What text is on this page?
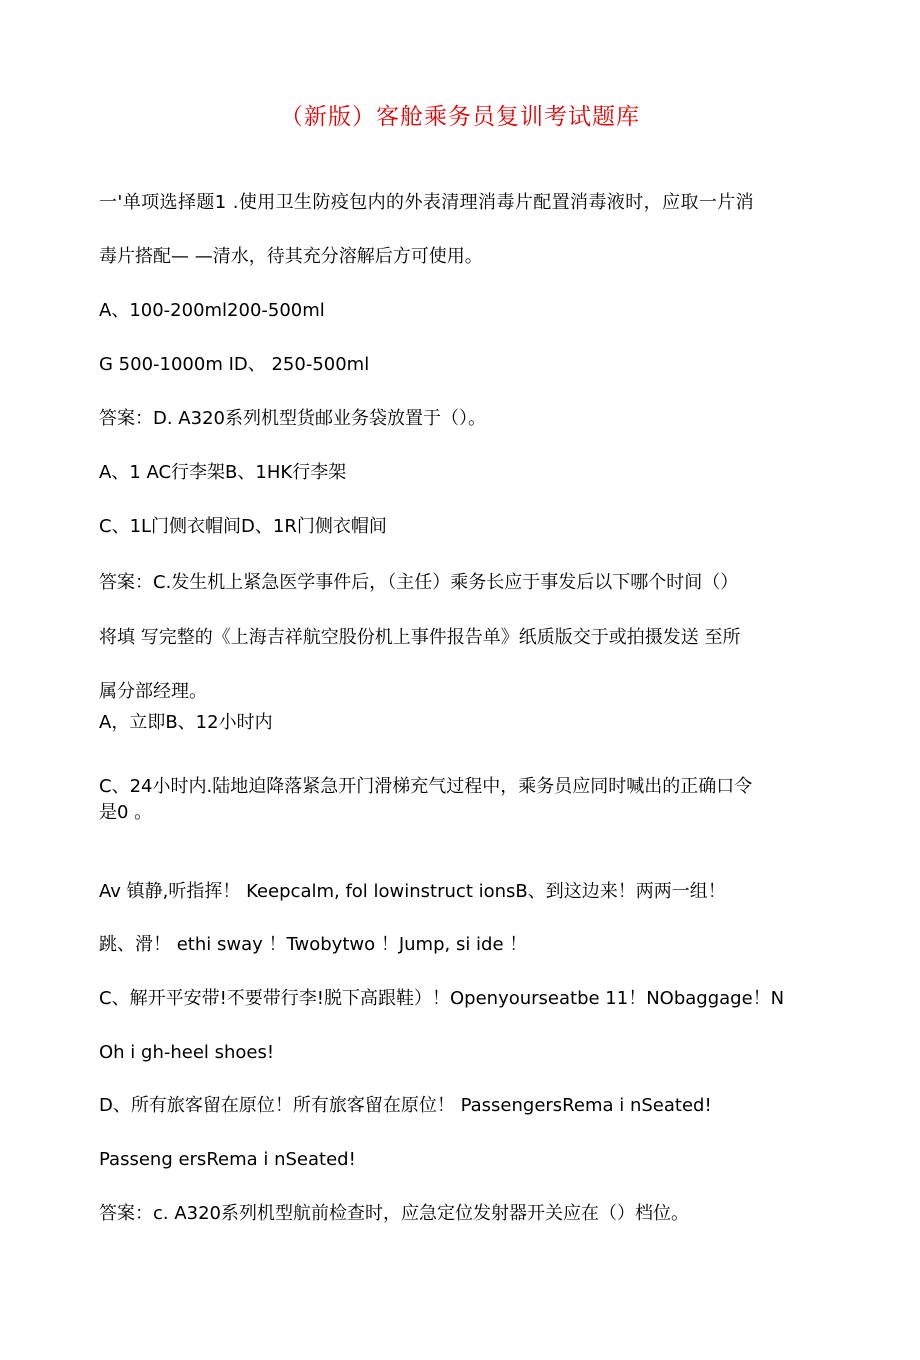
（新版）客舱乘务员复训考试题库

一'单项选择题1 .使用卫生防疫包内的外表清理消毒片配置消毒液时，应取一片消

毒片搭配— —清水，待其充分溶解后方可使用。

A、100-200ml200-500ml

G 500-1000m ID、 250-500ml

答案：D. A320系列机型货邮业务袋放置于（）。

A、1 AC行李架B、1HK行李架

C、1L门侧衣帽间D、1R门侧衣帽间

答案：C.发生机上紧急医学事件后，（主任）乘务长应于事发后以下哪个时间（）

将填 写完整的《上海吉祥航空股份机上事件报告单》纸质版交于或拍摄发送 至所

属分部经理。

A，立即B、12小时内

C、24小时内.陆地迫降落紧急开门滑梯充气过程中，乘务员应同时喊出的正确口令

是0 。

Av 镇静,听指挥！ Keepcalm, fol lowinstruct ionsB、到这边来！两两一组！

跳、滑！ ethi sway ！Twobytwo ！Jump, si ide ！

C、解开平安带!不要带行李!脱下高跟鞋）！Openyourseatbe 11！NObaggage！N

Oh i gh-heel shoes!

D、所有旅客留在原位！所有旅客留在原位！ PassengersRema i nSeated!

Passeng ersRema i nSeated!

答案：c. A320系列机型航前检查时，应急定位发射器开关应在（）档位。
